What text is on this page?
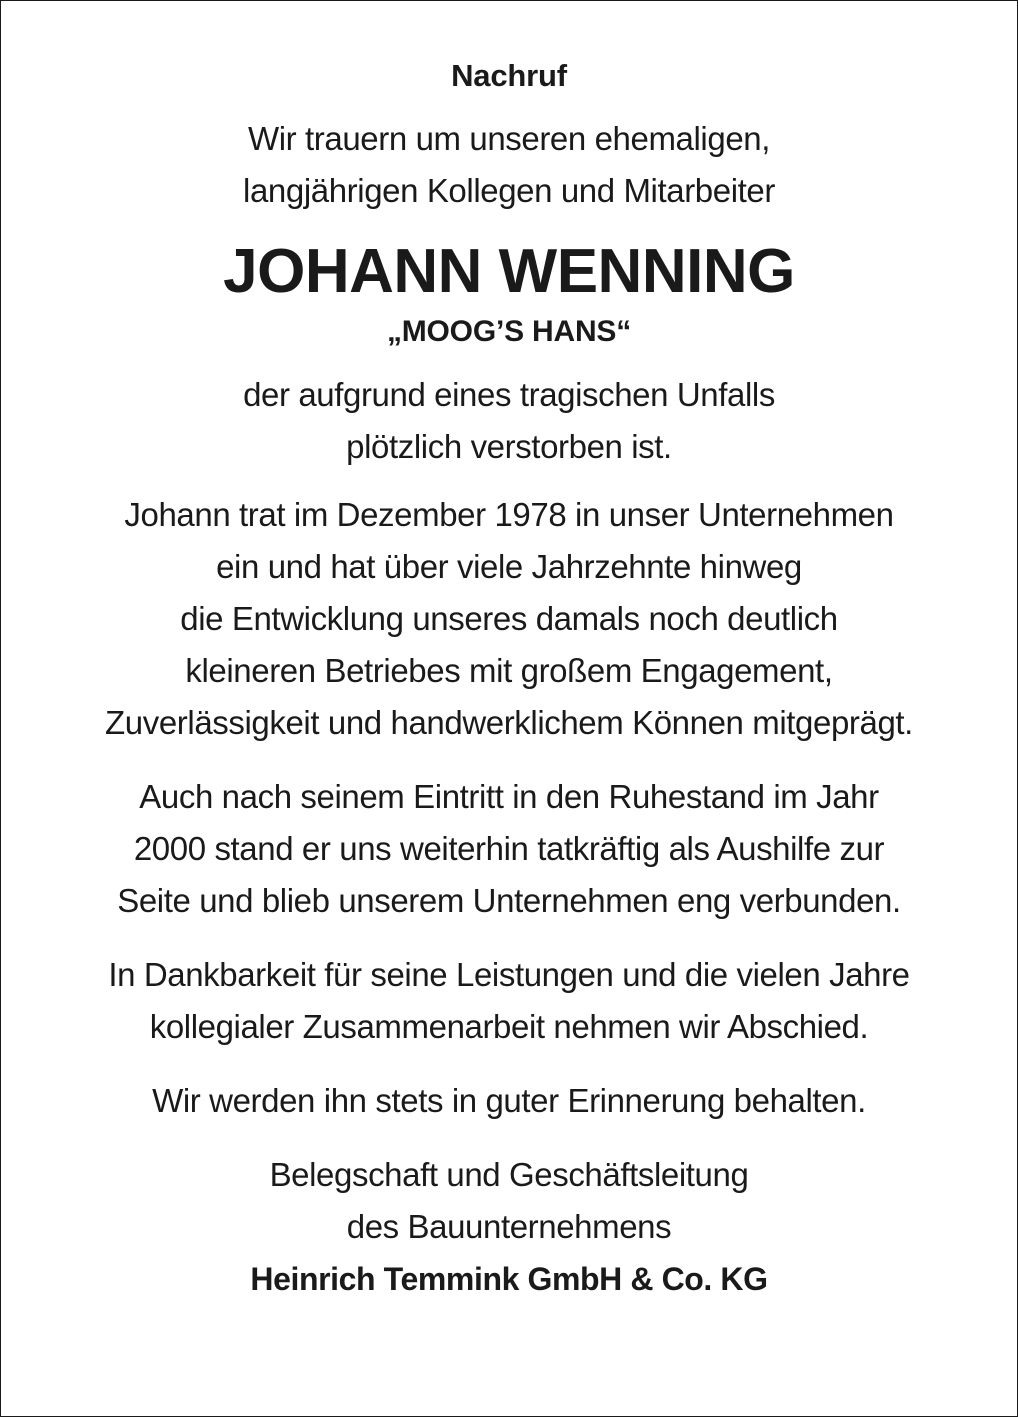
Nachruf
Wir trauern um unseren ehemaligen,
langjährigen Kollegen und Mitarbeiter
JOHANN WENNING
„MOOG’S HANS“
der aufgrund eines tragischen Unfalls
plötzlich verstorben ist.
Johann trat im Dezember 1978 in unser Unternehmen
ein und hat über viele Jahrzehnte hinweg
die Entwicklung unseres damals noch deutlich
kleineren Betriebes mit großem Engagement,
Zuverlässigkeit und handwerklichem Können mitgeprägt.
Auch nach seinem Eintritt in den Ruhestand im Jahr
2000 stand er uns weiterhin tatkräftig als Aushilfe zur
Seite und blieb unserem Unternehmen eng verbunden.
In Dankbarkeit für seine Leistungen und die vielen Jahre
kollegialer Zusammenarbeit nehmen wir Abschied.
Wir werden ihn stets in guter Erinnerung behalten.
Belegschaft und Geschäftsleitung
des Bauunternehmens
Heinrich Temmink GmbH & Co. KG
